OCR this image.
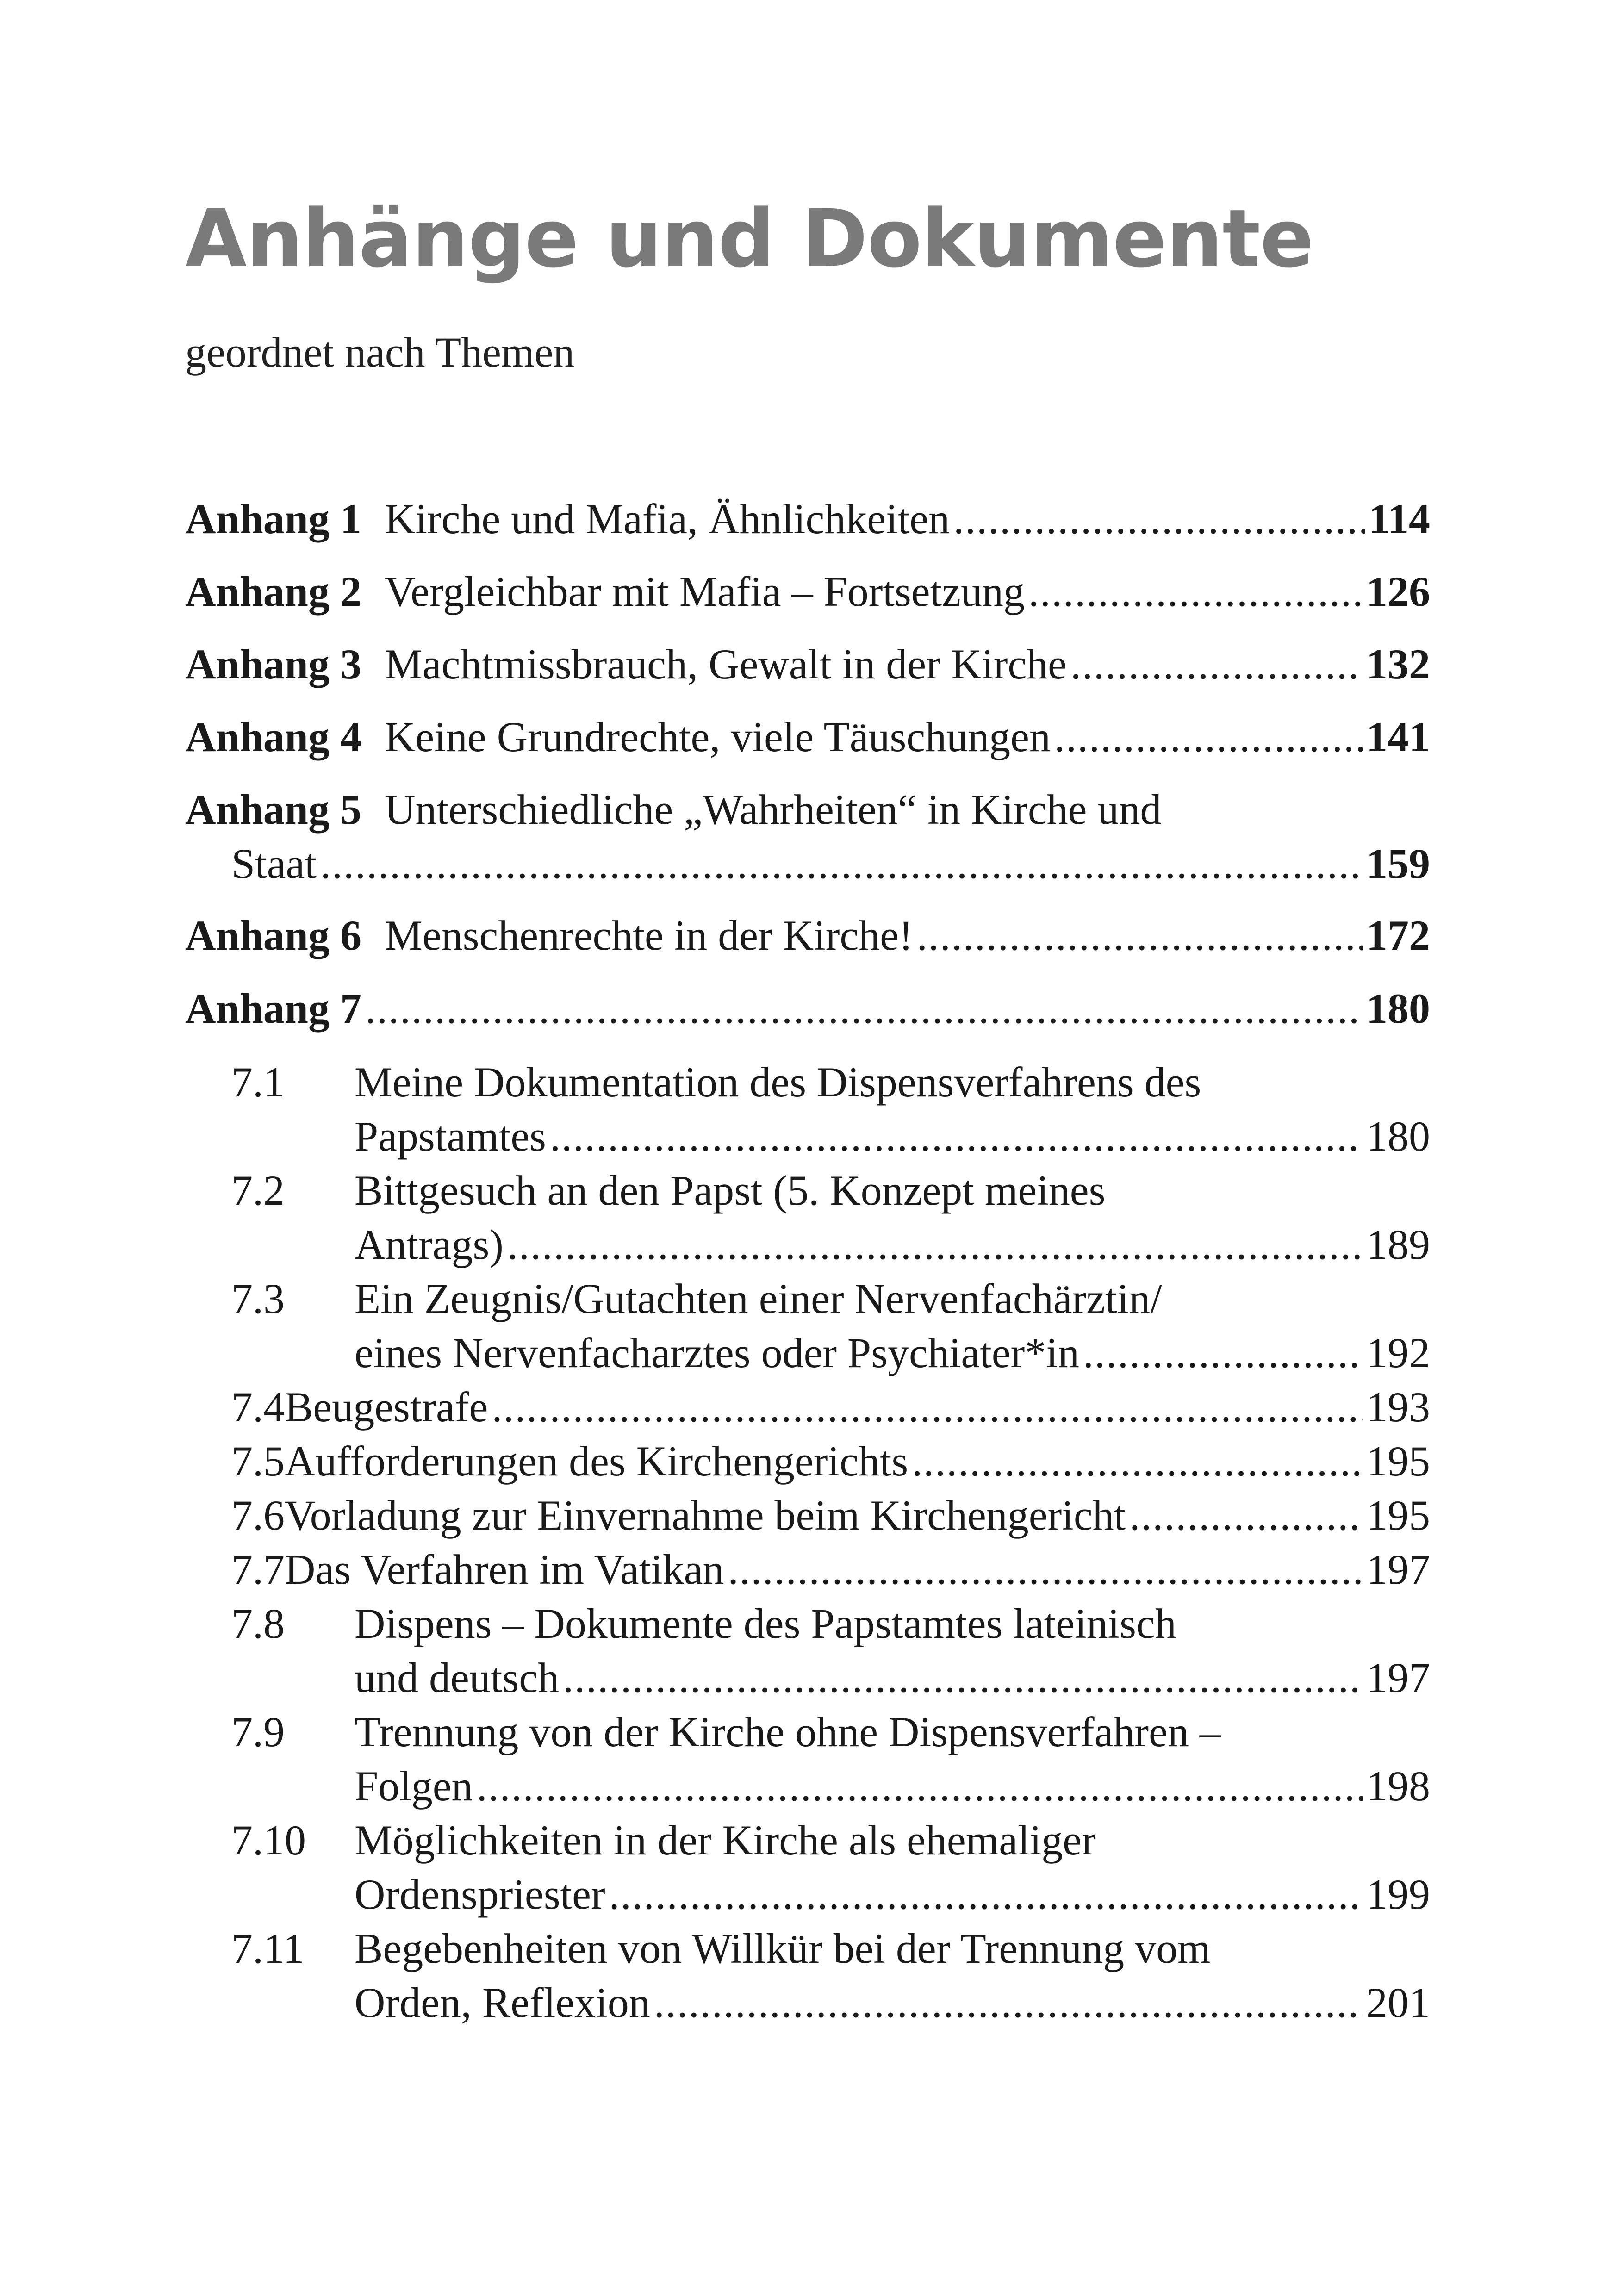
Anhänge und Dokumente

geordnet nach Themen

Anhang 1 Kirche und Mafia, Ähnlichkeiten .....	114
Anhang 2 Vergleichbar mit Mafia – Fortsetzung .....	126
Anhang 3 Machtmissbrauch, Gewalt in der Kirche .....	132
Anhang 4 Keine Grundrechte, viele Täuschungen .....	141
Anhang 5 Unterschiedliche „Wahrheiten“ in Kirche und
Staat .....	159
Anhang 6 Menschenrechte in der Kirche! .....	172
Anhang 7 .....	180
7.1	Meine Dokumentation des Dispensverfahrens des
Papstamtes .....	180
7.2	Bittgesuch an den Papst (5. Konzept meines
Antrags) .....	189
7.3	Ein Zeugnis/Gutachten einer Nervenfachärztin/
eines Nervenfacharztes oder Psychiater*in .....	192
7.4 Beugestrafe .....	193
7.5 Aufforderungen des Kirchengerichts .....	195
7.6 Vorladung zur Einvernahme beim Kirchengericht .....	195
7.7 Das Verfahren im Vatikan .....	197
7.8	Dispens – Dokumente des Papstamtes lateinisch
und deutsch .....	197
7.9	Trennung von der Kirche ohne Dispensverfahren –
Folgen .....	198
7.10	Möglichkeiten in der Kirche als ehemaliger
Ordenspriester .....	199
7.11	Begebenheiten von Willkür bei der Trennung vom
Orden, Reflexion .....	201
